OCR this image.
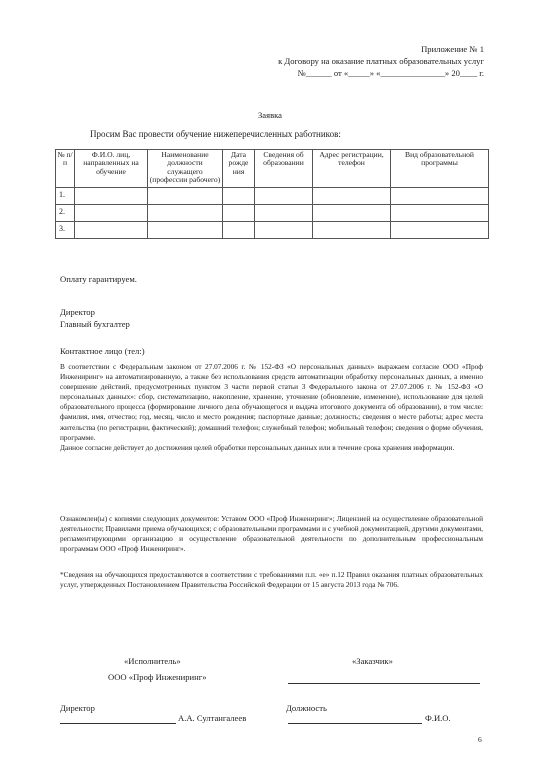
Приложение № 1
к Договору на оказание платных образовательных услуг
№______ от «_____» «_______________» 20____ г.
Заявка
Просим Вас провести обучение нижеперечисленных работников:
№ п/п	Ф.И.О. лиц, направленных на обучение	Наименование должности служащего (профессии рабочего)	Дата рожде ния	Сведения об образовании	Адрес регистрации, телефон	Вид образовательной программы
1.						
2.						
3.						
Оплату гарантируем.
Директор
Главный бухгалтер
Контактное лицо (тел:)

В соответствии с Федеральным законом от 27.07.2006 г. № 152-ФЗ «О персональных данных» выражаем согласие ООО «Проф Инжениринг» на автоматизированную, а также без использования средств автоматизации обработку персональных данных, а именно совершение действий, предусмотренных пунктом 3 части первой статьи 3 Федерального закона от 27.07.2006 г. № 152-ФЗ «О персональных данных»: сбор, систематизацию, накопление, хранение, уточнение (обновление, изменение), использование для целей образовательного процесса (формирование личного дела обучающегося и выдача итогового документа об образовании), в том числе: фамилия, имя, отчество; год, месяц, число и место рождения; паспортные данные; должность; сведения о месте работы; адрес места жительства (по регистрации, фактический); домашний телефон; служебный телефон; мобильный телефон; сведения о форме обучения, программе.

Данное согласие действует до достижения целей обработки персональных данных или в течение срока хранения информации.

Ознакомлен(ы) с копиями следующих документов: Уставом ООО «Проф Инжениринг»; Лицензией на осуществление образовательной деятельности; Правилами приема обучающихся; с образовательными программами и с учебной документацией, другими документами, регламентирующими организацию и осуществление образовательной деятельности по дополнительным профессиональным программам ООО «Проф Инжениринг».
*Сведения на обучающихся предоставляются в соответствии с требованиями п.п. «е» п.12 Правил оказания платных образовательных услуг, утвержденных Постановлением Правительства Российской Федерации от 15 августа 2013 года № 706.
«Исполнитель»	«Заказчик»
ООО «Проф Инжениринг»
Директор	Должность
А.А. Султангалеев	Ф.И.О.
6
